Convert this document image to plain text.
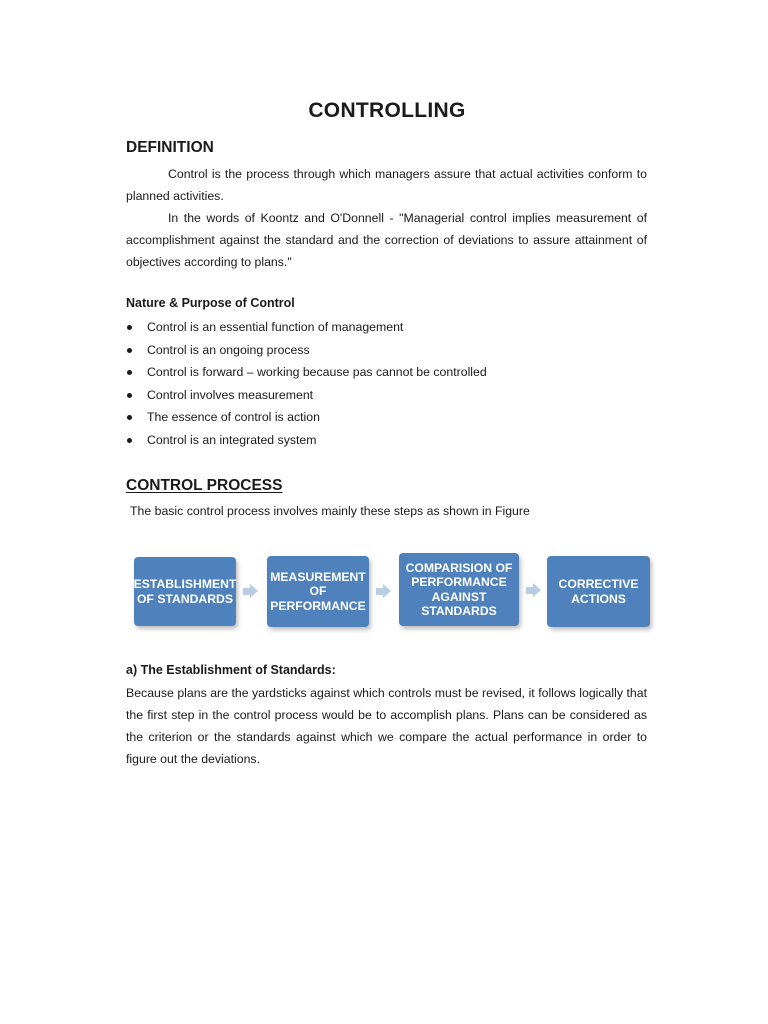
CONTROLLING
DEFINITION
Control is the process through which managers assure that actual activities conform to planned activities.
In the words of Koontz and O'Donnell - "Managerial control implies measurement of accomplishment against the standard and the correction of deviations to assure attainment of objectives according to plans."
Nature & Purpose of Control
Control is an essential function of management
Control is an ongoing process
Control is forward – working because pas cannot be controlled
Control involves measurement
The essence of control is action
Control is an integrated system
CONTROL PROCESS
The basic control process involves mainly these steps as shown in Figure
ESTABLISHMENT
OF STANDARDS
MEASUREMENT
OF
PERFORMANCE
COMPARISION OF
PERFORMANCE
AGAINST
STANDARDS
CORRECTIVE
ACTIONS
a) The Establishment of Standards:
Because plans are the yardsticks against which controls must be revised, it follows logically that the first step in the control process would be to accomplish plans. Plans can be considered as the criterion or the standards against which we compare the actual performance in order to figure out the deviations.
